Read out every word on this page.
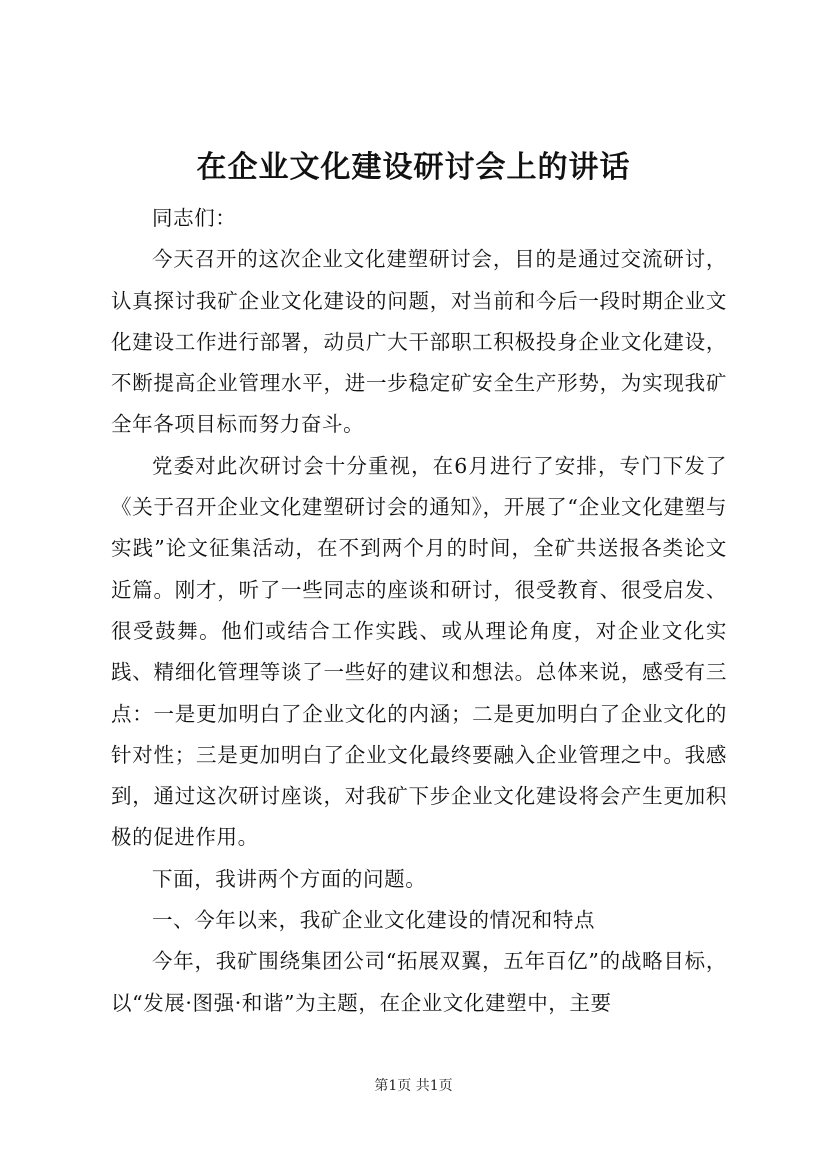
在企业文化建设研讨会上的讲话

同志们：

今天召开的这次企业文化建塑研讨会，目的是通过交流研讨，认真探讨我矿企业文化建设的问题，对当前和今后一段时期企业文化建设工作进行部署，动员广大干部职工积极投身企业文化建设，不断提高企业管理水平，进一步稳定矿安全生产形势，为实现我矿全年各项目标而努力奋斗。

党委对此次研讨会十分重视，在6月进行了安排，专门下发了《关于召开企业文化建塑研讨会的通知》，开展了“企业文化建塑与实践”论文征集活动，在不到两个月的时间，全矿共送报各类论文近篇。刚才，听了一些同志的座谈和研讨，很受教育、很受启发、很受鼓舞。他们或结合工作实践、或从理论角度，对企业文化实践、精细化管理等谈了一些好的建议和想法。总体来说，感受有三点：一是更加明白了企业文化的内涵；二是更加明白了企业文化的针对性；三是更加明白了企业文化最终要融入企业管理之中。我感到，通过这次研讨座谈，对我矿下步企业文化建设将会产生更加积极的促进作用。

下面，我讲两个方面的问题。

一、今年以来，我矿企业文化建设的情况和特点

今年，我矿围绕集团公司“拓展双翼，五年百亿”的战略目标，以“发展·图强·和谐”为主题，在企业文化建塑中，主要

第1页 共1页
